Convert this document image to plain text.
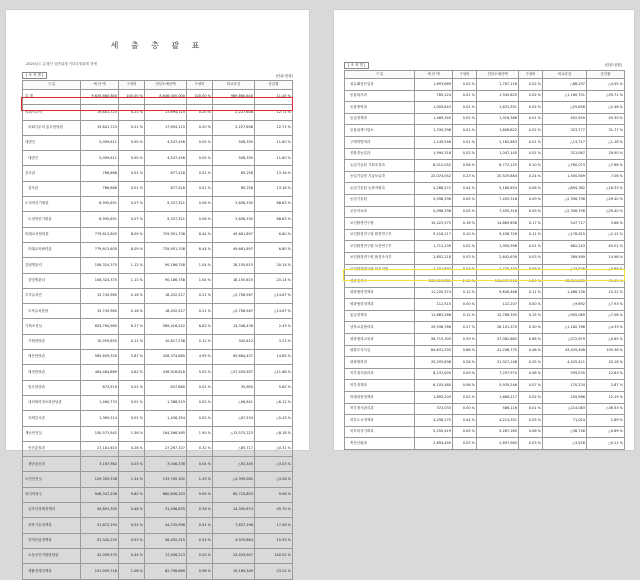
세 출 총 괄 표
2020년도 분쟁신 일반회계·기타특별회계 전체
[ 조 직 별 ]	(단위:천원)
구 분	예 산 액	구성비	전년도예산액	구성비	비교증감	증감률
총 계	9,635,860,800	100.00 %	8,646,000,000	100.00 %	989,860,800	11.45 %
의회사무처	19,841,723	0.21 %	17,694,115	0.20 %	2,227,608	12.71 %
의회사무처 총무담당관	19,841,723	0.21 %	17,694,115	0.20 %	2,227,608	12.71 %
대변인	5,099,611	0.05 %	4,547,456	0.05 %	508,355	11.80 %
대변인	5,099,611	0.05 %	4,547,456	0.05 %	508,355	11.80 %
감사관	766,666	0.01 %	677,418	0.01 %	89,258	13.16 %
감사관	766,666	0.01 %	677,418	0.01 %	89,258	13.16 %
도정혁신기획관	6,995,651	0.07 %	5,337,321	0.06 %	3,658,330	68.63 %
도정혁신기획관	6,995,651	0.07 %	5,337,321	0.06 %	3,658,330	68.63 %
미래교육협력관	779,613,605	8.09 %	729,951,708	8.44 %	49,661,897	6.80 %
미래교육협력관	779,613,605	8.09 %	729,951,708	8.44 %	49,661,897	6.80 %
감염병관리	108,324,375	1.12 %	90,186,758	1.04 %	18,155,615	20.14 %
감염병관리	108,324,375	1.12 %	90,186,758	1.04 %	18,155,615	20.14 %
투자유치단	15,745,960	0.16 %	18,452,527	0.21 %	△2,706,567	△14.67 %
투자유치담당	15,745,960	0.16 %	18,452,527	0.21 %	△2,706,567	△14.67 %
기획조정실	603,764,980	6.27 %	589,416,542	6.82 %	14,348,438	2.43 %
기획담당관	10,959,850	0.11 %	10,617,238	0.12 %	342,612	3.23 %
예산담당관	565,659,320	5.87 %	428,374,880	4.95 %	65,664,437	14.85 %
세정담당관	464,484,889	4.82 %	436,918,818	5.05 %	△57,405,637	△11.68 %
법무담당관	673,510	0.01 %	637,860	0.01 %	35,650	5.62 %
대외협력정보화담당관	1,460,733	0.02 %	1,388,519	0.02 %	△96,641	△6.12 %
자체감사관	1,365,514	0.01 %	1,456,354	0.02 %	△87,534	△5.43 %
재난안전실	150,573,942	1.56 %	164,568,565	1.90 %	△13,575,223	△8.18 %
안전총괄과	27,181,610	0.28 %	27,267,327	0.32 %	△85,717	△0.31 %
재난대응과	3,187,982	0.03 %	3,046,338	0.04 %	△92,345	△3.03 %
도민안전실	129,305,338	1.34 %	133,700,302	1.55 %	△4,395,062	△3.28 %
복지여성국	946,347,206	9.82 %	860,636,353	9.95 %	85,720,853	9.96 %
일자리경제정책과	45,891,305	0.48 %	31,498,635	0.36 %	14,392,674	45.70 %
과학기술정책과	51,872,194	0.54 %	44,235,998	0.51 %	7,637,196	17.26 %
지역산업정책과	51,342,225	0.53 %	46,492,315	0.54 %	4,970,664	10.93 %
소상공인지원담당관	42,009,570	0.44 %	17,456,223	0.20 %	24,553,907	140.52 %
생활경제정책과	101,955,718	1.06 %	82,796,869	0.96 %	19,189,349	23.22 %
[ 조 직 별 ]	(단위:천원)
구 분	예 산 액	구성비	전년도예산액	구성비	비교증감	증감률
섬유패션산업과	1,693,669	0.02 %	1,767,116	0.02 %	△88,297	△4.95 %
동물복지과	785,124	0.01 %	1,945,825	0.02 %	△1,160,701	△59.71 %
동물방역과	1,005,643	0.01 %	1,831,351	0.02 %	△25,658	△2.48 %
농업정책과	1,469,345	0.02 %	1,016,386	0.01 %	452,959	45.39 %
동물위생시험소	1,330,398	0.01 %	1,606,822	0.02 %	323,777	31.77 %
구제역방역과	1,149,546	0.01 %	1,162,883	0.01 %	△13,717	△1.18 %
친환경농업과	1,990,316	0.02 %	1,047,145	0.01 %	313,067	29.90 %
농업기술원 기획조정과	8,012,052	0.08 %	8,772,125	0.10 %	△760,073	△7.66 %
농업기술원 기술보급과	22,074,052	0.23 %	20,525,884	0.24 %	1,550,569	7.06 %
농업기술원 농촌자원과	4,266,272	0.04 %	5,160,654	0.06 %	△894,382	△16.33 %
농업기술원	5,098,336	0.05 %	7,455,316	0.09 %	△2,356,798	△29.40 %
공공의료과	5,098,336	0.05 %	7,455,316	0.09 %	△2,356,798	△29.40 %
보건환경연구원	15,423,375	0.16 %	14,865,658	0.17 %	547,717	3.68 %
보건환경연구원 환경연구부	9,216,117	0.10 %	9,436,726	0.11 %	△178,615	△2.12 %
보건환경연구원 보건연구부	1,712,239	0.02 %	1,050,996	0.01 %	662,243	63.01 %
보건환경연구원 환경조사부	2,852,218	0.03 %	2,642,639	0.03 %	289,589	14.98 %
보건환경연구원 북부지원	2,701,807	0.03 %	2,725,333	0.03 %	△23,526	△0.86 %
평화협력국	202,313,381	2.10 %	104,057,516	1.20 %	98,815,865	95.11 %
평화협력정책과	11,220,374	0.12 %	9,640,466	0.11 %	1,466,158	15.22 %
평화협력정책과	112,515	0.00 %	122,207	0.00 %	△9,692	△7.93 %
통일정책과	11,883,266	0.12 %	12,788,355	0.15 %	△905,089	△7.08 %
남북교류협력과	25,936,766	0.27 %	26,101,370	0.30 %	△1,162,766	△4.33 %
평화협력교육과	56,715,305	0.59 %	57,082,683	0.66 %	△372,679	△0.65 %
평화부지사실	84,631,335	0.88 %	41,206,775	0.48 %	43,425,498	105.38 %
평화협력과	25,293,638	0.26 %	21,927,148	0.25 %	4,425,411	20.18 %
북부청사관리과	8,237,005	0.09 %	7,297,970	0.08 %	939,035	12.83 %
북부정책과	6,105,480	0.06 %	5,935,246	0.07 %	170,234	2.87 %
미래성장정책과	1,895,203	0.02 %	1,689,217	0.02 %	205,986	12.19 %
북부청사관리과	372,033	0.00 %	586,116	0.01 %	△214,083	△36.53 %
북부도시정책과	4,298,175	0.04 %	4,214,351	0.05 %	71,024	1.69 %
북부비상기획과	5,250,419	0.05 %	5,287,165	0.06 %	△36,746	△0.69 %
축산산림과	2,694,455	0.03 %	2,697,983	0.03 %	△3,528	△0.11 %
